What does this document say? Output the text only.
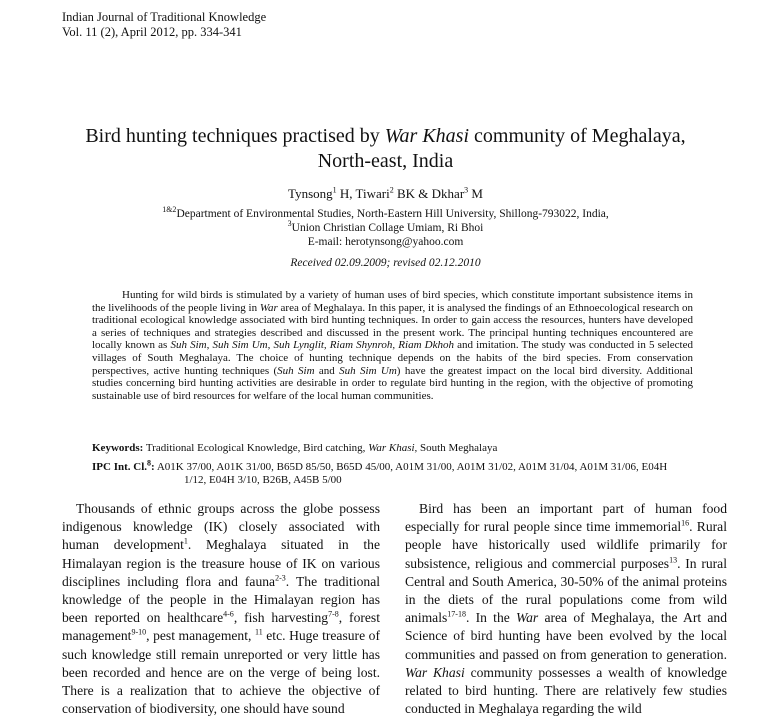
Indian Journal of Traditional Knowledge
Vol. 11 (2), April 2012, pp. 334-341
Bird hunting techniques practised by War Khasi community of Meghalaya,
North-east, India
Tynsong$^1$ H, Tiwari$^2$ BK & Dkhar$^3$ M
$^{1\&2}$Department of Environmental Studies, North-Eastern Hill University, Shillong-793022, India,
$^3$Union Christian Collage Umiam, Ri Bhoi
E-mail: herotynsong@yahoo.com
Received 02.09.2009; revised 02.12.2010
Hunting for wild birds is stimulated by a variety of human uses of bird species, which constitute important subsistence items in the livelihoods of the people living in War area of Meghalaya. In this paper, it is analysed the findings of an Ethnoecological research on traditional ecological knowledge associated with bird hunting techniques. In order to gain access the resources, hunters have developed a series of techniques and strategies described and discussed in the present work. The principal hunting techniques encountered are locally known as Suh Sim, Suh Sim Um, Suh Lynglit, Riam Shynroh, Riam Dkhoh and imitation. The study was conducted in 5 selected villages of South Meghalaya. The choice of hunting technique depends on the habits of the bird species. From conservation perspectives, active hunting techniques (Suh Sim and Suh Sim Um) have the greatest impact on the local bird diversity. Additional studies concerning bird hunting activities are desirable in order to regulate bird hunting in the region, with the objective of promoting sustainable use of bird resources for welfare of the local human communities.
Keywords: Traditional Ecological Knowledge, Bird catching, War Khasi, South Meghalaya
IPC Int. Cl.$^8$: A01K 37/00, A01K 31/00, B65D 85/50, B65D 45/00, A01M 31/00, A01M 31/02, A01M 31/04, A01M 31/06, E04H
1/12, E04H 3/10, B26B, A45B 5/00

Thousands of ethnic groups across the globe possess indigenous knowledge (IK) closely associated with human development$^1$. Meghalaya situated in the Himalayan region is the treasure house of IK on various disciplines including flora and fauna$^{2-3}$. The traditional knowledge of the people in the Himalayan region has been reported on healthcare$^{4-6}$, fish harvesting$^{7-8}$, forest management$^{9-10}$, pest management, $^{11}$ etc. Huge treasure of such knowledge still remain unreported or very little has been recorded and hence are on the verge of being lost. There is a realization that to achieve the objective of conservation of biodiversity, one should have sound

Bird has been an important part of human food especially for rural people since time immemorial$^{16}$. Rural people have historically used wildlife primarily for subsistence, religious and commercial purposes$^{13}$. In rural Central and South America, 30-50% of the animal proteins in the diets of the rural populations come from wild animals$^{17-18}$. In the War area of Meghalaya, the Art and Science of bird hunting have been evolved by the local communities and passed on from generation to generation. War Khasi community possesses a wealth of knowledge related to bird hunting. There are relatively few studies conducted in Meghalaya regarding the wild
